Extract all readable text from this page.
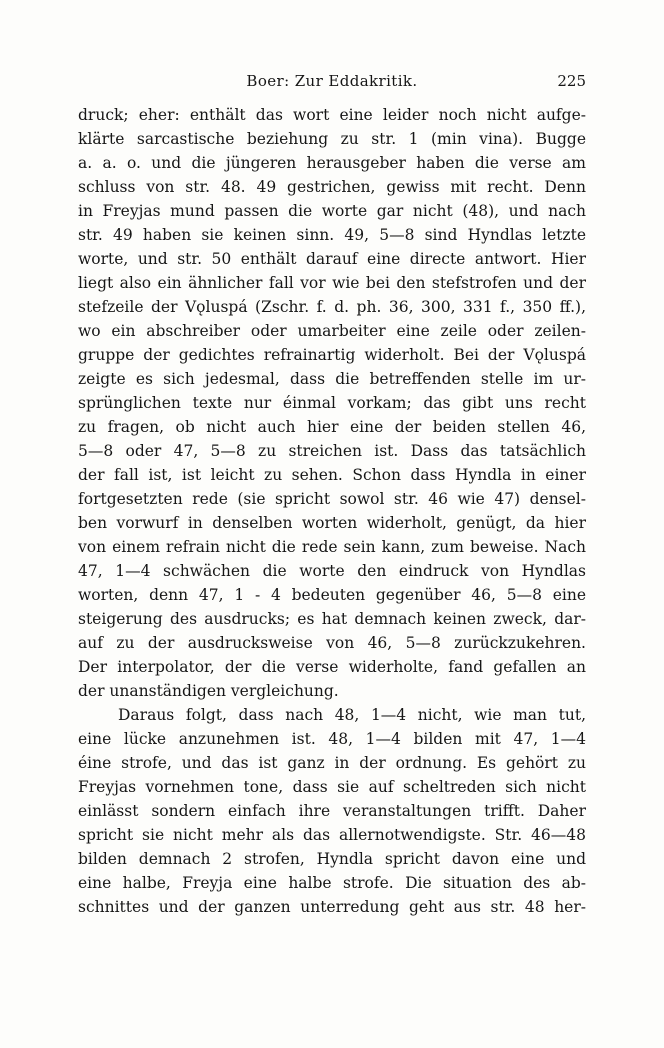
Boer: Zur Eddakritik.	225
druck; eher: enthält das wort eine leider noch nicht aufge-
klärte sarcastische beziehung zu str. 1 (min vina). Bugge
a. a. o. und die jüngeren herausgeber haben die verse am
schluss von str. 48. 49 gestrichen, gewiss mit recht. Denn
in Freyjas mund passen die worte gar nicht (48), und nach
str. 49 haben sie keinen sinn. 49, 5—8 sind Hyndlas letzte
worte, und str. 50 enthält darauf eine directe antwort. Hier
liegt also ein ähnlicher fall vor wie bei den stefstrofen und der
stefzeile der Vǫluspá (Zschr. f. d. ph. 36, 300, 331 f., 350 ff.),
wo ein abschreiber oder umarbeiter eine zeile oder zeilen-
gruppe der gedichtes refrainartig widerholt. Bei der Vǫluspá
zeigte es sich jedesmal, dass die betreffenden stelle im ur-
sprünglichen texte nur éinmal vorkam; das gibt uns recht
zu fragen, ob nicht auch hier eine der beiden stellen 46,
5—8 oder 47, 5—8 zu streichen ist. Dass das tatsächlich
der fall ist, ist leicht zu sehen. Schon dass Hyndla in einer
fortgesetzten rede (sie spricht sowol str. 46 wie 47) densel-
ben vorwurf in denselben worten widerholt, genügt, da hier
von einem refrain nicht die rede sein kann, zum beweise. Nach
47, 1—4 schwächen die worte den eindruck von Hyndlas
worten, denn 47, 1 - 4 bedeuten gegenüber 46, 5—8 eine
steigerung des ausdrucks; es hat demnach keinen zweck, dar-
auf zu der ausdrucksweise von 46, 5—8 zurückzukehren.
Der interpolator, der die verse widerholte, fand gefallen an
der unanständigen vergleichung.
Daraus folgt, dass nach 48, 1—4 nicht, wie man tut,
eine lücke anzunehmen ist. 48, 1—4 bilden mit 47, 1—4
éine strofe, und das ist ganz in der ordnung. Es gehört zu
Freyjas vornehmen tone, dass sie auf scheltreden sich nicht
einlässt sondern einfach ihre veranstaltungen trifft. Daher
spricht sie nicht mehr als das allernotwendigste. Str. 46—48
bilden demnach 2 strofen, Hyndla spricht davon eine und
eine halbe, Freyja eine halbe strofe. Die situation des ab-
schnittes und der ganzen unterredung geht aus str. 48 her-
